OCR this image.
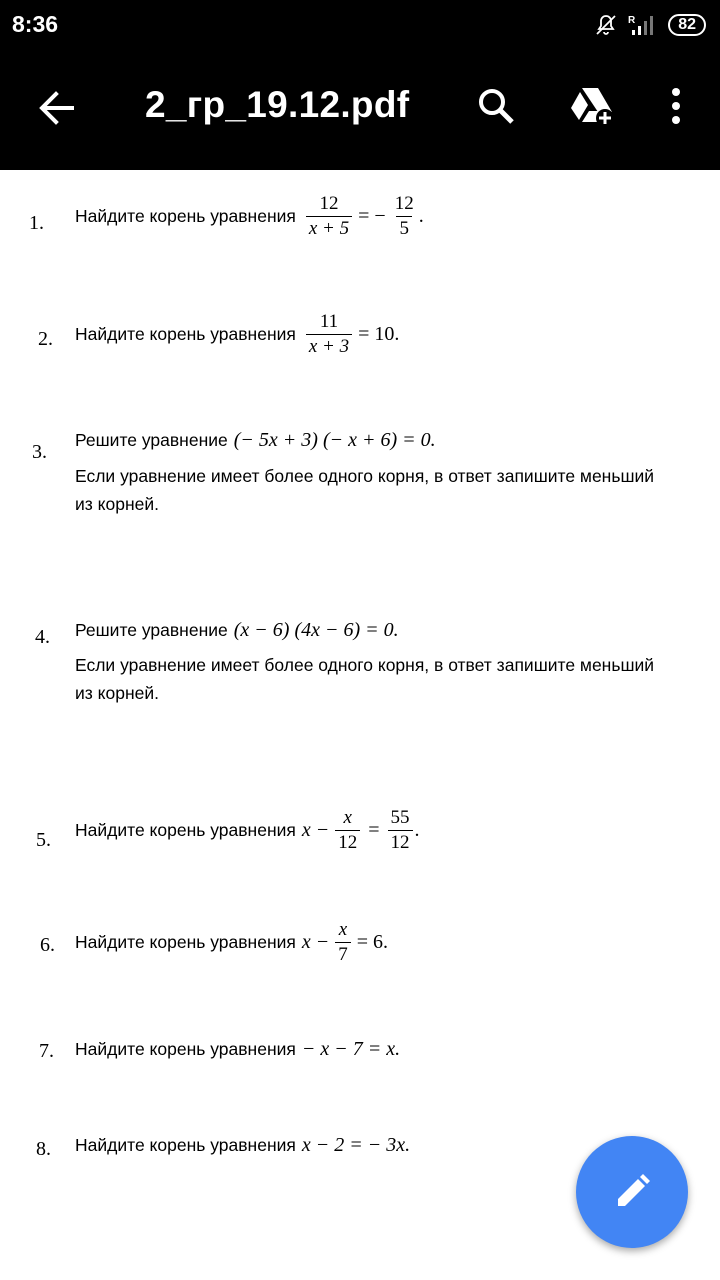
8:36	R	82
2_гр_19.12.pdf
1. Найдите корень уравнения $\frac{12}{x + 5}$ = − $\frac{12}{5}$ .
2. Найдите корень уравнения $\frac{11}{x + 3} = 10$.
3.
Решите уравнение (− 5x + 3) (− x + 6) = 0.
Если уравнение имеет более одного корня, в ответ запишите меньший
из корней.
4. Решите уравнение (x − 6) (4x − 6) = 0.
Если уравнение имеет более одного корня, в ответ запишите меньший
из корней.
5. Найдите корень уравнения $x - \frac{x}{12} = \frac{55}{12}$ .
6. Найдите корень уравнения $x - \frac{x}{7} = 6$.
7. Найдите корень уравнения − x − 7 = x.
8. Найдите корень уравнения x − 2 = − 3x.
